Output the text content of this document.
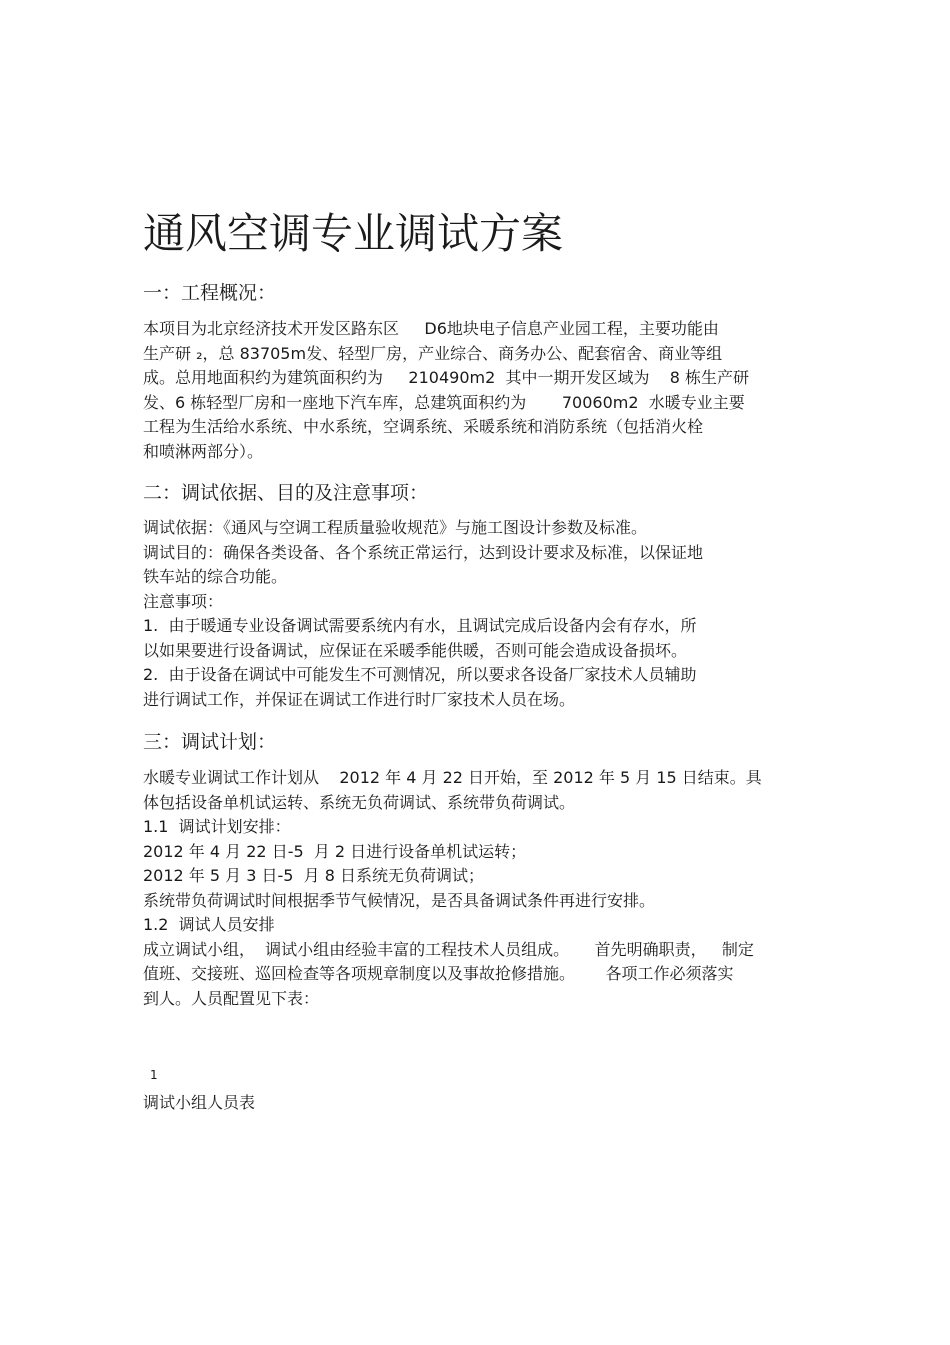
通风空调专业调试方案
一：工程概况：
本项目为北京经济技术开发区路东区     D6地块电子信息产业园工程，主要功能由
生产研 ₂，总 83705m发、轻型厂房，产业综合、商务办公、配套宿舍、商业等组
成。总用地面积约为建筑面积约为     210490m2  其中一期开发区域为    8 栋生产研
发、6 栋轻型厂房和一座地下汽车库，总建筑面积约为       70060m2  水暖专业主要
工程为生活给水系统、中水系统，空调系统、采暖系统和消防系统（包括消火栓
和喷淋两部分）。
二：调试依据、目的及注意事项：
调试依据：《通风与空调工程质量验收规范》与施工图设计参数及标准。
调试目的：确保各类设备、各个系统正常运行，达到设计要求及标准，以保证地
铁车站的综合功能。
注意事项：
1.  由于暖通专业设备调试需要系统内有水，且调试完成后设备内会有存水，所
以如果要进行设备调试，应保证在采暖季能供暖，否则可能会造成设备损坏。
2.  由于设备在调试中可能发生不可测情况，所以要求各设备厂家技术人员辅助
进行调试工作，并保证在调试工作进行时厂家技术人员在场。
三：调试计划：
水暖专业调试工作计划从    2012 年 4 月 22 日开始，至 2012 年 5 月 15 日结束。具
体包括设备单机试运转、系统无负荷调试、系统带负荷调试。
1.1  调试计划安排：
2012 年 4 月 22 日-5  月 2 日进行设备单机试运转；
2012 年 5 月 3 日-5  月 8 日系统无负荷调试；
系统带负荷调试时间根据季节气候情况，是否具备调试条件再进行安排。
1.2  调试人员安排
成立调试小组，  调试小组由经验丰富的工程技术人员组成。     首先明确职责，   制定
值班、交接班、巡回检查等各项规章制度以及事故抢修措施。      各项工作必须落实
到人。人员配置见下表：
1
调试小组人员表
